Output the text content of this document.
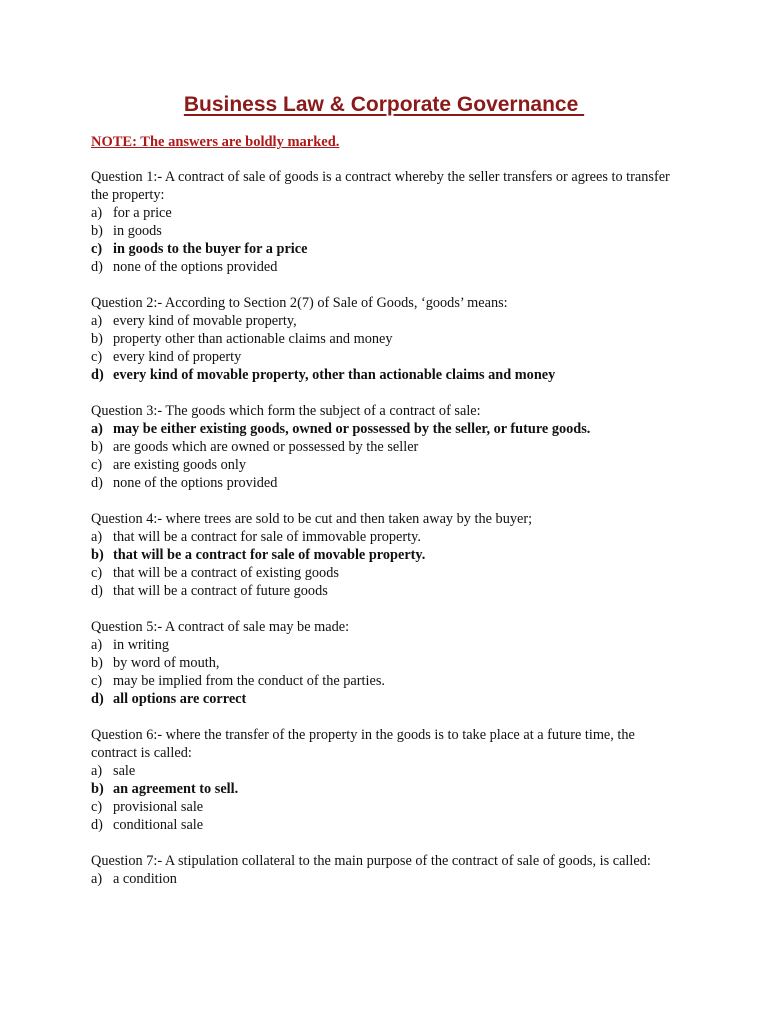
Business Law & Corporate Governance
NOTE: The answers are boldly marked.

Question 1:- A contract of sale of goods is a contract whereby the seller transfers or agrees to transfer the property:

a) for a price
b) in goods
c) in goods to the buyer for a price
d) none of the options provided

Question 2:- According to Section 2(7) of Sale of Goods, ‘goods’ means:

a) every kind of movable property,
b) property other than actionable claims and money
c) every kind of property
d) every kind of movable property, other than actionable claims and money

Question 3:- The goods which form the subject of a contract of sale:

a) may be either existing goods, owned or possessed by the seller, or future goods.
b) are goods which are owned or possessed by the seller
c) are existing goods only
d) none of the options provided

Question 4:- where trees are sold to be cut and then taken away by the buyer;

a) that will be a contract for sale of immovable property.
b) that will be a contract for sale of movable property.
c) that will be a contract of existing goods
d) that will be a contract of future goods

Question 5:- A contract of sale may be made:

a) in writing
b) by word of mouth,
c) may be implied from the conduct of the parties.
d) all options are correct

Question 6:- where the transfer of the property in the goods is to take place at a future time, the contract is called:

a) sale
b) an agreement to sell.
c) provisional sale
d) conditional sale

Question 7:- A stipulation collateral to the main purpose of the contract of sale of goods, is called:

a) a condition
